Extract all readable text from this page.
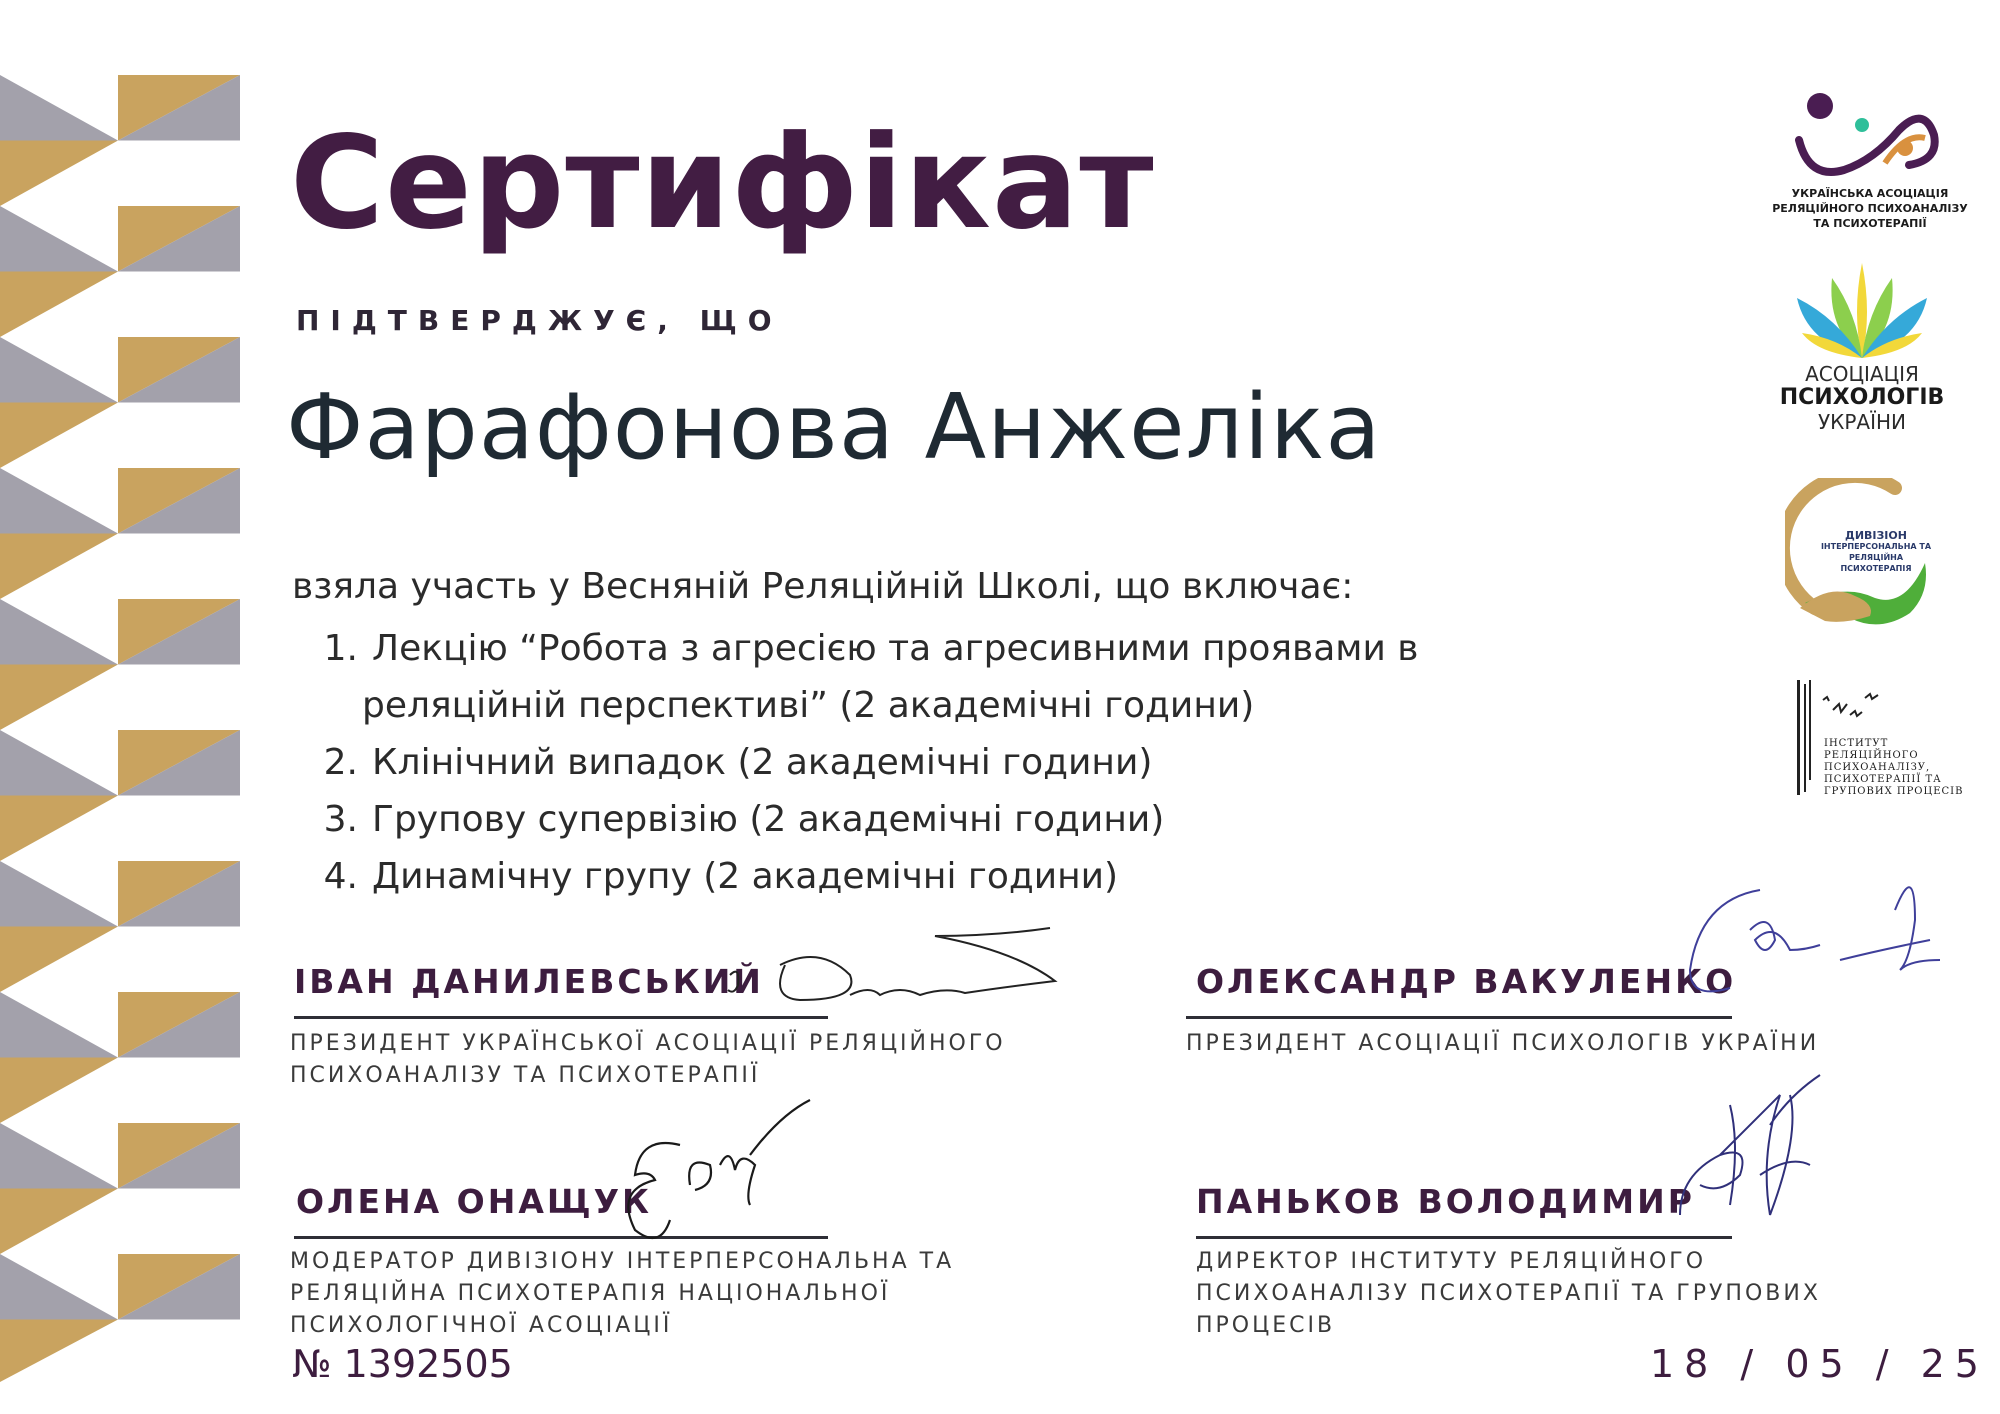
Сертифікат
ПІДТВЕРДЖУЄ, ЩО
Фарафонова Анжеліка
взяла участь у Весняній Реляційній Школі, що включає:
1. Лекцію “Робота з агресією та агресивними проявами в
реляційній перспективі” (2 академічні години)
2. Клінічний випадок (2 академічні години)
3. Групову супервізію (2 академічні години)
4. Динамічну групу (2 академічні години)
ІВАН ДАНИЛЕВСЬКИЙ
ПРЕЗИДЕНТ УКРАЇНСЬКОЇ АСОЦІАЦІЇ РЕЛЯЦІЙНОГО
ПСИХОАНАЛІЗУ ТА ПСИХОТЕРАПІЇ
ОЛЕКСАНДР ВАКУЛЕНКО
ПРЕЗИДЕНТ АСОЦІАЦІЇ ПСИХОЛОГІВ УКРАЇНИ
ОЛЕНА ОНАЩУК
МОДЕРАТОР ДИВІЗІОНУ ІНТЕРПЕРСОНАЛЬНА ТА
РЕЛЯЦІЙНА ПСИХОТЕРАПІЯ НАЦІОНАЛЬНОЇ
ПСИХОЛОГІЧНОЇ АСОЦІАЦІЇ
ПАНЬКОВ ВОЛОДИМИР
ДИРЕКТОР ІНСТИТУТУ РЕЛЯЦІЙНОГО
ПСИХОАНАЛІЗУ ПСИХОТЕРАПІЇ ТА ГРУПОВИХ
ПРОЦЕСІВ
№ 1392505	18 / 05 / 25
УКРАЇНСЬКА АСОЦІАЦІЯ
РЕЛЯЦІЙНОГО ПСИХОАНАЛІЗУ
ТА ПСИХОТЕРАПІЇ
АСОЦІАЦІЯ
ПСИХОЛОГІВ
УКРАЇНИ
ДИВІЗІОН
ІНТЕРПЕРСОНАЛЬНА ТА
РЕЛЯЦІЙНА ПСИХОТЕРАПІЯ
ІНСТИТУТ РЕЛЯЦІЙНОГО
ПСИХОАНАЛІЗУ,
ПСИХОТЕРАПІЇ ТА
ГРУПОВИХ ПРОЦЕСІВ
